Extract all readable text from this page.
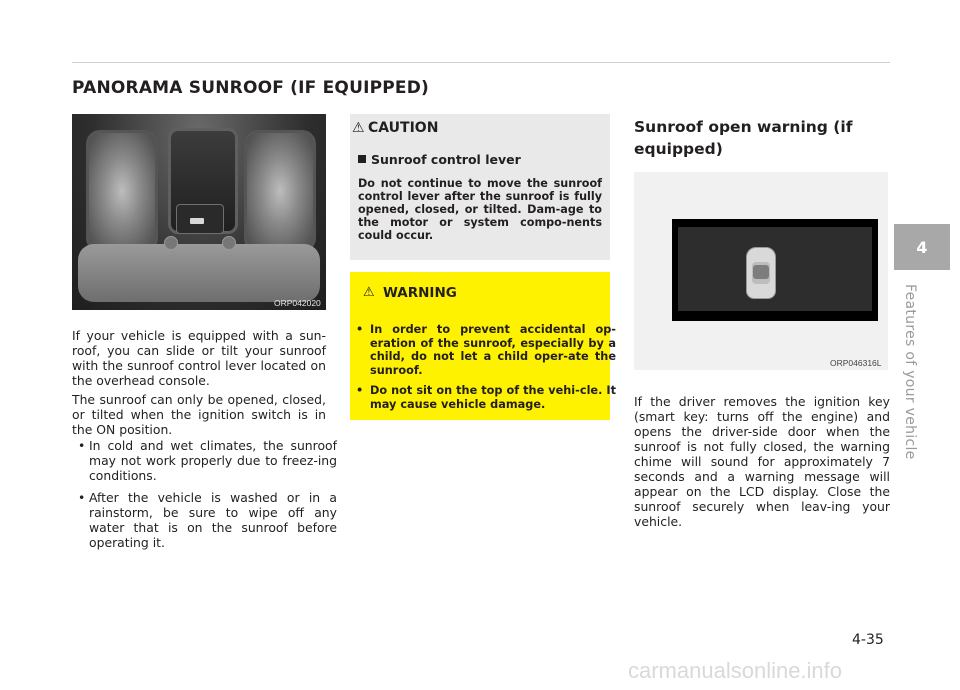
PANORAMA SUNROOF (IF EQUIPPED)
ORP042020

If your vehicle is equipped with a sun-roof, you can slide or tilt your sunroof with the sunroof control lever located on the overhead console.

The sunroof can only be opened, closed, or tilted when the ignition switch is in the ON position.

• In cold and wet climates, the sunroof may not work properly due to freez-ing conditions.

• After the vehicle is washed or in a rainstorm, be sure to wipe off any water that is on the sunroof before operating it.

⚠ CAUTION
Sunroof control lever

Do not continue to move the sunroof control lever after the sunroof is fully opened, closed, or tilted. Dam-age to the motor or system compo-nents could occur.

⚠ WARNING

• In order to prevent accidental op-eration of the sunroof, especially by a child, do not let a child oper-ate the sunroof.

• Do not sit on the top of the vehi-cle. It may cause vehicle damage.

Sunroof open warning (if equipped)
ORP046316L

If the driver removes the ignition key (smart key: turns off the engine) and opens the driver-side door when the sunroof is not fully closed, the warning chime will sound for approximately 7 seconds and a warning message will appear on the LCD display. Close the sunroof securely when leav-ing your vehicle.

4
Features of your vehicle
4-35
carmanualsonline.info
